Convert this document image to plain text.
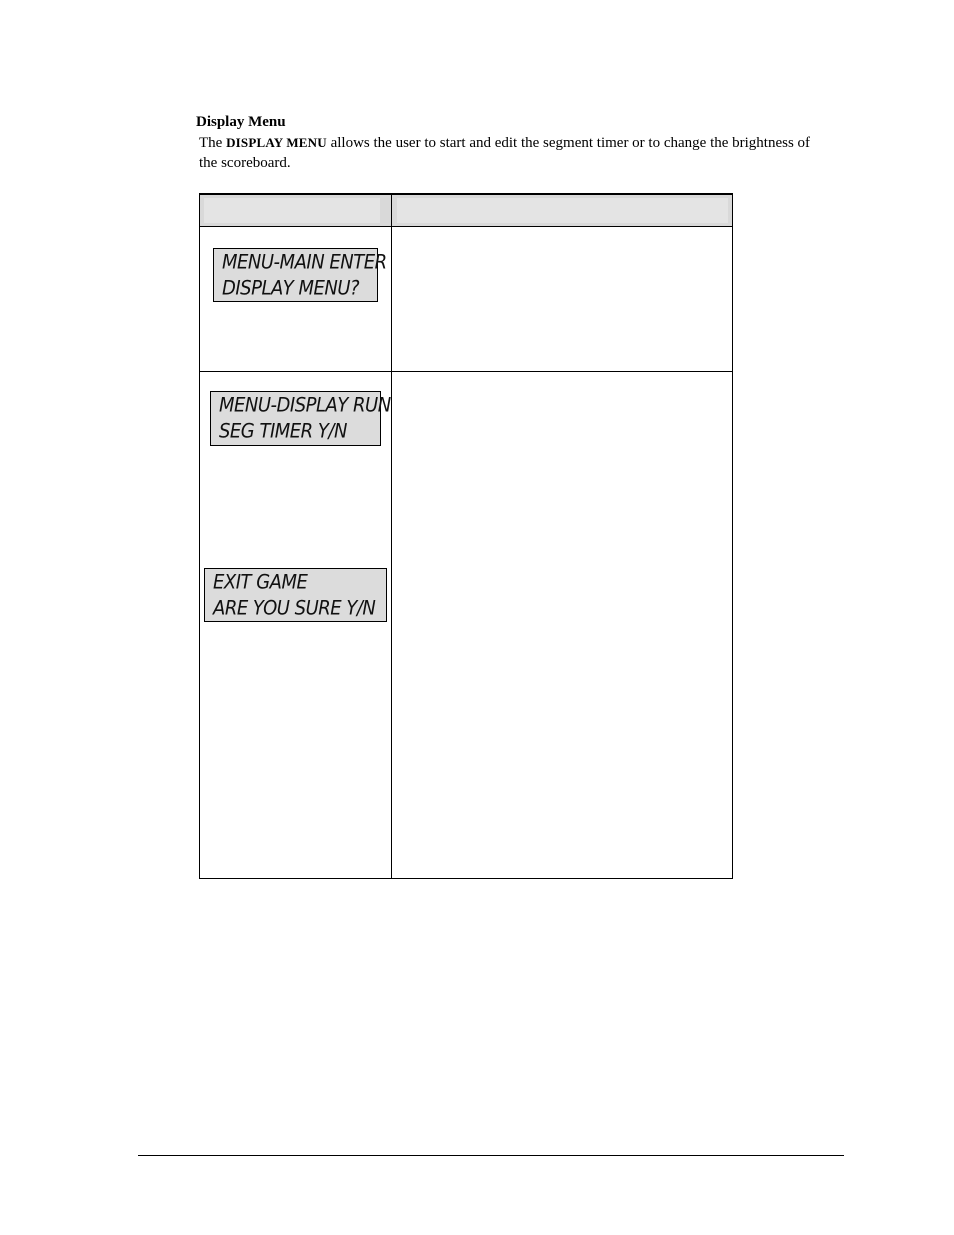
Display Menu
The DISPLAY MENU allows the user to start and edit the segment timer or to change the brightness of the scoreboard.
MENU-MAIN ENTER
DISPLAY MENU?
MENU-DISPLAY RUN
SEG TIMER Y/N
EXIT GAME
ARE YOU SURE Y/N
